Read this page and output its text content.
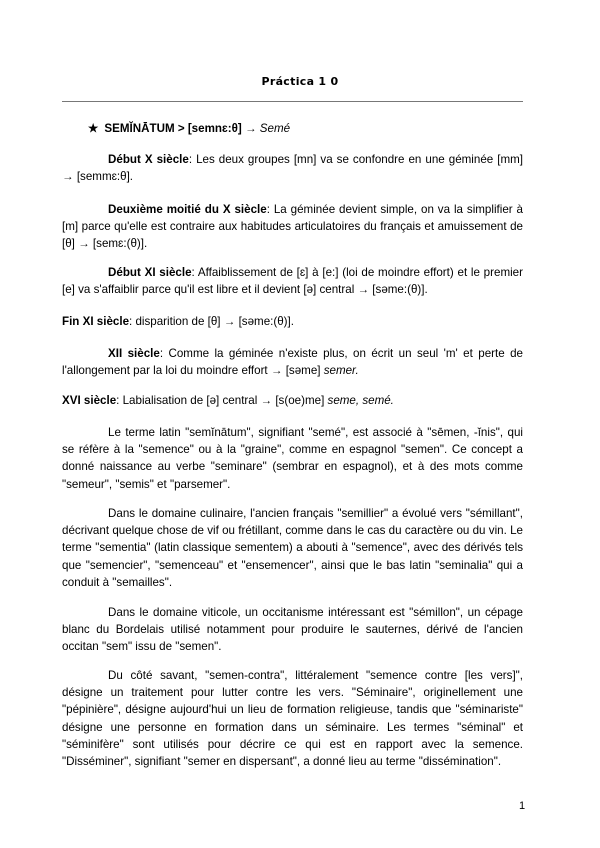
Práctica 1 0
★ SEMĬNĀTUM > [semnɛ:θ] → Semé
Début X siècle: Les deux groupes [mn] va se confondre en une géminée [mm] → [semmɛ:θ].
Deuxième moitié du X siècle: La géminée devient simple, on va la simplifier à [m] parce qu'elle est contraire aux habitudes articulatoires du français et amuissement de [θ] → [semɛ:(θ)].
Début XI siècle: Affaiblissement de [ɛ] à [e:] (loi de moindre effort) et le premier [e] va s'affaiblir parce qu'il est libre et il devient [ə] central → [səme:(θ)].
Fin XI siècle: disparition de [θ] → [səme:(θ)].
XII siècle: Comme la géminée n'existe plus, on écrit un seul 'm' et perte de l'allongement par la loi du moindre effort → [səme] semer.
XVI siècle: Labialisation de [ə] central → [s(oe)me] seme, semé.
Le terme latin "semĭnātum", signifiant "semé", est associé à "sēmen, -ĭnis", qui se réfère à la "semence" ou à la "graine", comme en espagnol "semen". Ce concept a donné naissance au verbe "seminare" (sembrar en espagnol), et à des mots comme "semeur", "semis" et "parsemer".
Dans le domaine culinaire, l'ancien français "semillier" a évolué vers "sémillant", décrivant quelque chose de vif ou frétillant, comme dans le cas du caractère ou du vin. Le terme "sementia" (latin classique sementem) a abouti à "semence", avec des dérivés tels que "semencier", "semenceau" et "ensemencer", ainsi que le bas latin "seminalia" qui a conduit à "semailles".
Dans le domaine viticole, un occitanisme intéressant est "sémillon", un cépage blanc du Bordelais utilisé notamment pour produire le sauternes, dérivé de l'ancien occitan "sem" issu de "semen".
Du côté savant, "semen-contra", littéralement "semence contre [les vers]", désigne un traitement pour lutter contre les vers. "Séminaire", originellement une "pépinière", désigne aujourd'hui un lieu de formation religieuse, tandis que "séminariste" désigne une personne en formation dans un séminaire. Les termes "séminal" et "séminifère" sont utilisés pour décrire ce qui est en rapport avec la semence. "Disséminer", signifiant "semer en dispersant", a donné lieu au terme "dissémination".
1
